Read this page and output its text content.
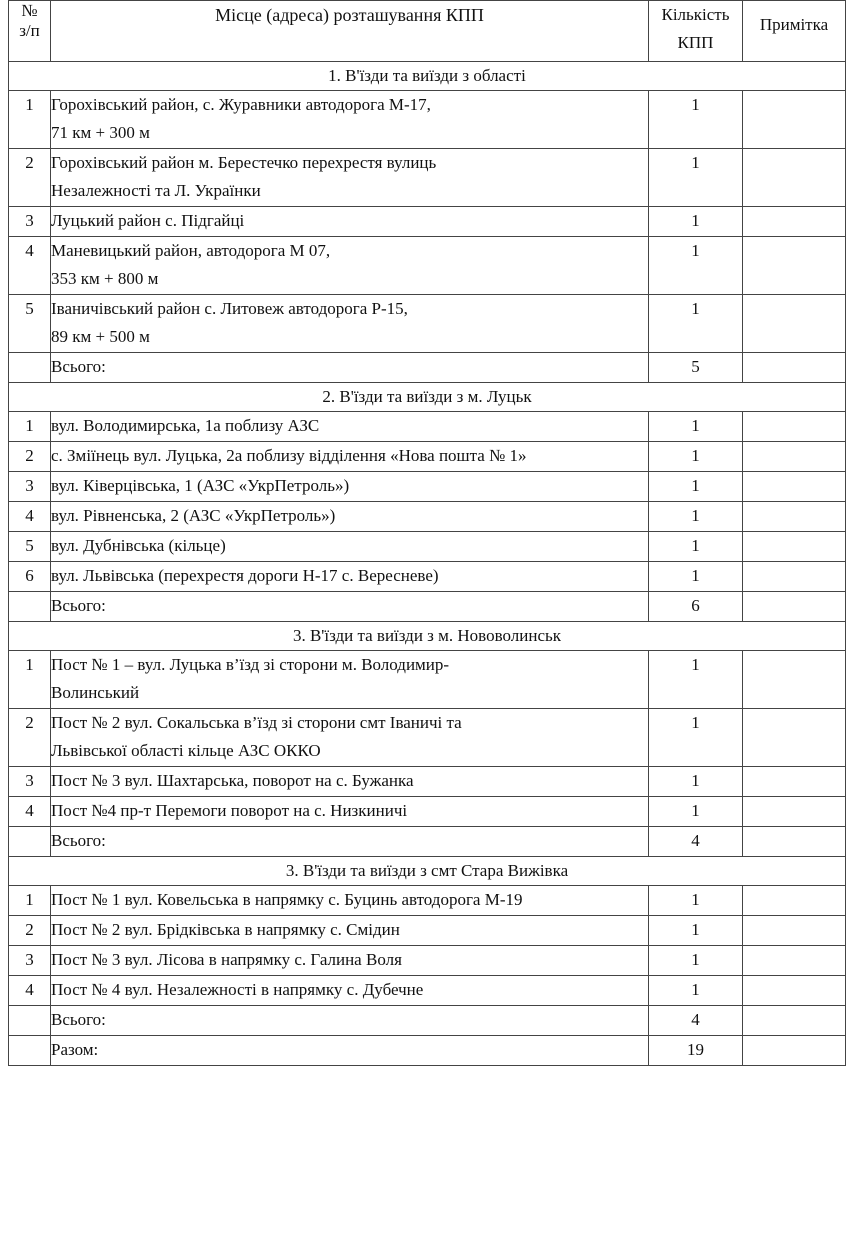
№
з/п	Місце (адреса) розташування КПП	Кількість КПП	Примітка
1. В'їзди та виїзди з області			
1	Горохівський район, с. Журавники автодорога М-17,
71 км + 300 м	1	
2	Горохівський район м. Берестечко перехрестя вулиць
Незалежності та Л. Українки	1	
3	Луцький район с. Підгайці	1	
4	Маневицький район, автодорога М 07,
353 км + 800 м	1	
5	Іваничівський район с. Литовеж автодорога Р-15,
89 км + 500 м	1	
	Всього:	5	
2. В'їзди та виїзди з м. Луцьк			
1	вул. Володимирська, 1а поблизу АЗС	1	
2	с. Зміїнець вул. Луцька, 2а поблизу відділення «Нова пошта № 1»	1	
3	вул. Ківерцівська, 1 (АЗС «УкрПетроль»)	1	
4	вул. Рівненська, 2 (АЗС «УкрПетроль»)	1	
5	вул. Дубнівська (кільце)	1	
6	вул. Львівська (перехрестя дороги Н-17 с. Вересневе)	1	
	Всього:	6	
3. В'їзди та виїзди з м. Нововолинськ			
1	Пост № 1 – вул. Луцька в’їзд зі сторони м. Володимир-
Волинський	1	
2	Пост № 2 вул. Сокальська в’їзд зі сторони смт Іваничі та
Львівської області кільце АЗС ОККО	1	
3	Пост № 3 вул. Шахтарська, поворот на с. Бужанка	1	
4	Пост №4 пр-т Перемоги поворот на с. Низкиничі	1	
	Всього:	4	
3. В'їзди та виїзди з смт Стара Вижівка			
1	Пост № 1 вул. Ковельська в напрямку с. Буцинь автодорога М-19	1	
2	Пост № 2 вул. Брідківська в напрямку с. Смідин	1	
3	Пост № 3 вул. Лісова в напрямку с. Галина Воля	1	
4	Пост № 4 вул. Незалежності в напрямку с. Дубечне	1	
	Всього:	4	
	Разом:	19	
